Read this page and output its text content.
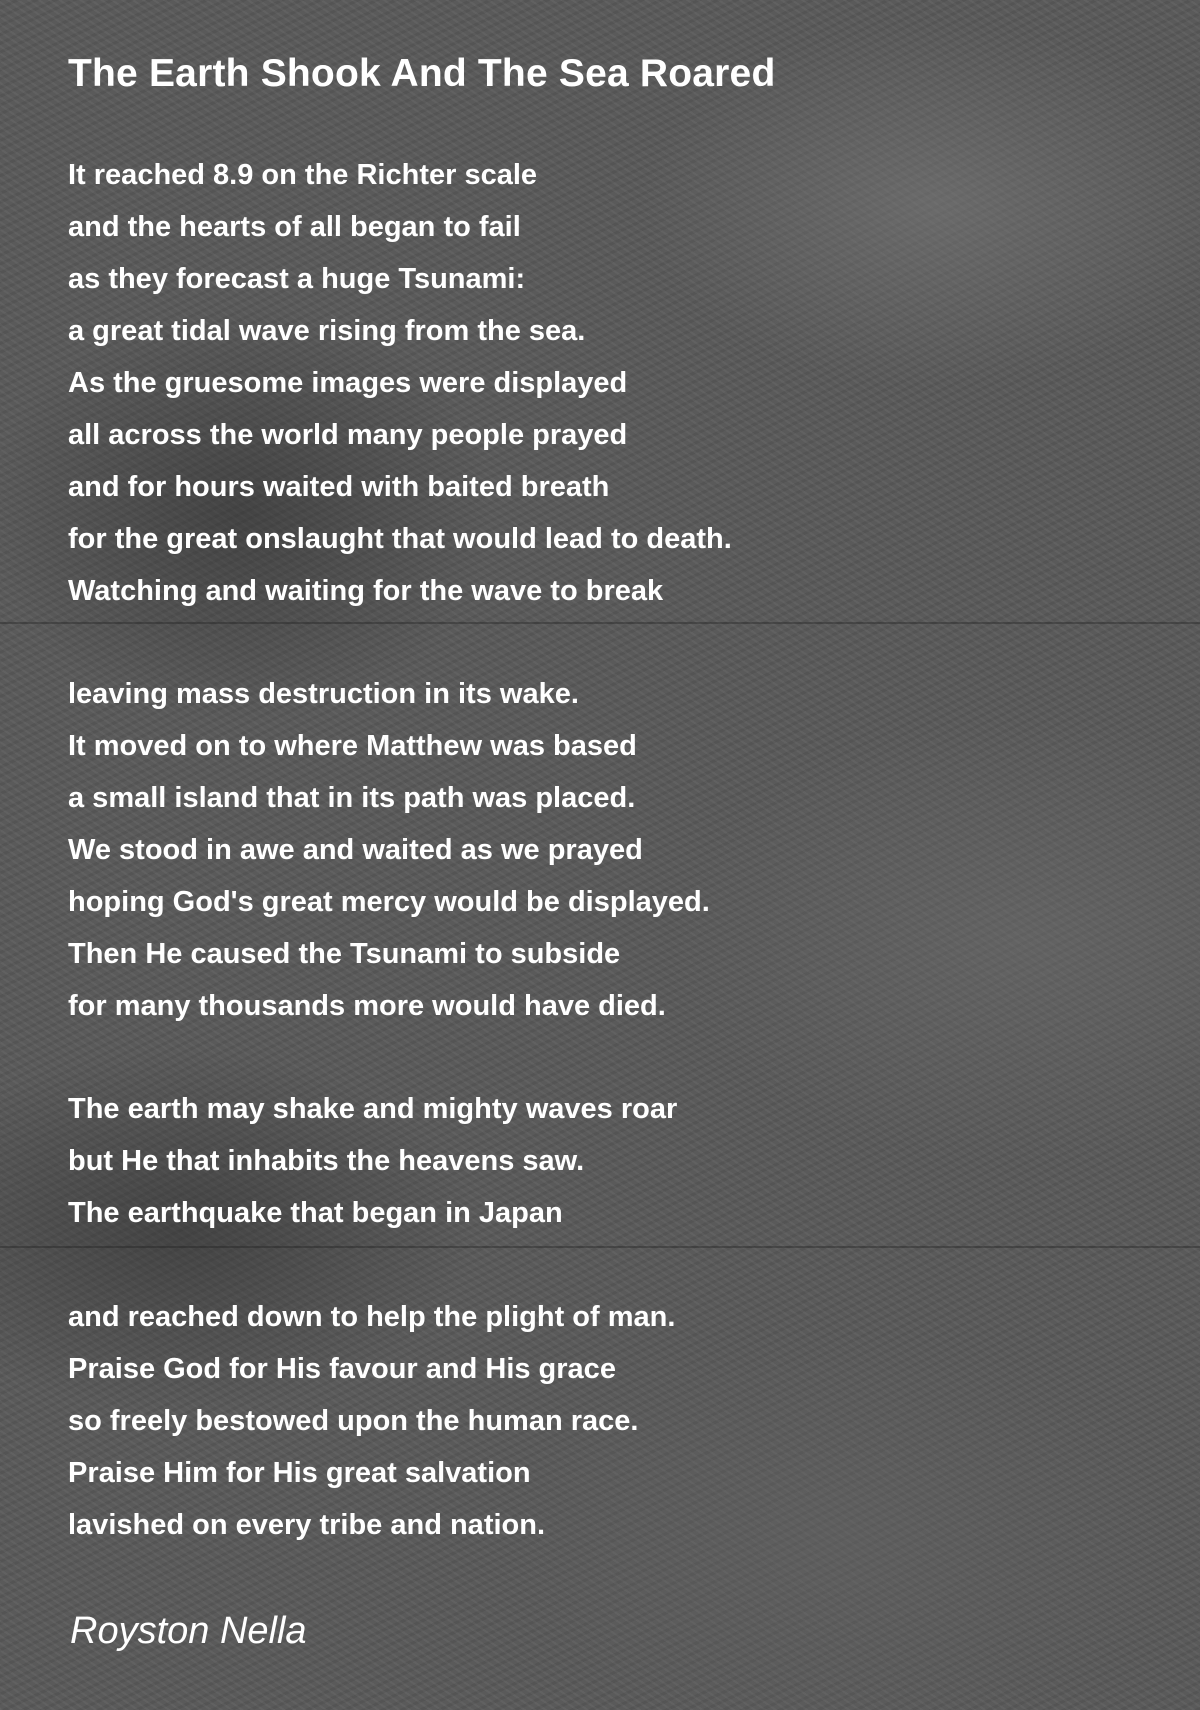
The Earth Shook And The Sea Roared
It reached 8.9 on the Richter scale
and the hearts of all began to fail
as they forecast a huge Tsunami:
a great tidal wave rising from the sea.
As the gruesome images were displayed
all across the world many people prayed
and for hours waited with baited breath
for the great onslaught that would lead to death.
Watching and waiting for the wave to break
leaving mass destruction in its wake.
It moved on to where Matthew was based
a small island that in its path was placed.
We stood in awe and waited as we prayed
hoping God's great mercy would be displayed.
Then He caused the Tsunami to subside
for many thousands more would have died.
The earth may shake and mighty waves roar
but He that inhabits the heavens saw.
The earthquake that began in Japan
and reached down to help the plight of man.
Praise God for His favour and His grace
so freely bestowed upon the human race.
Praise Him for His great salvation
lavished on every tribe and nation.
Royston Nella
